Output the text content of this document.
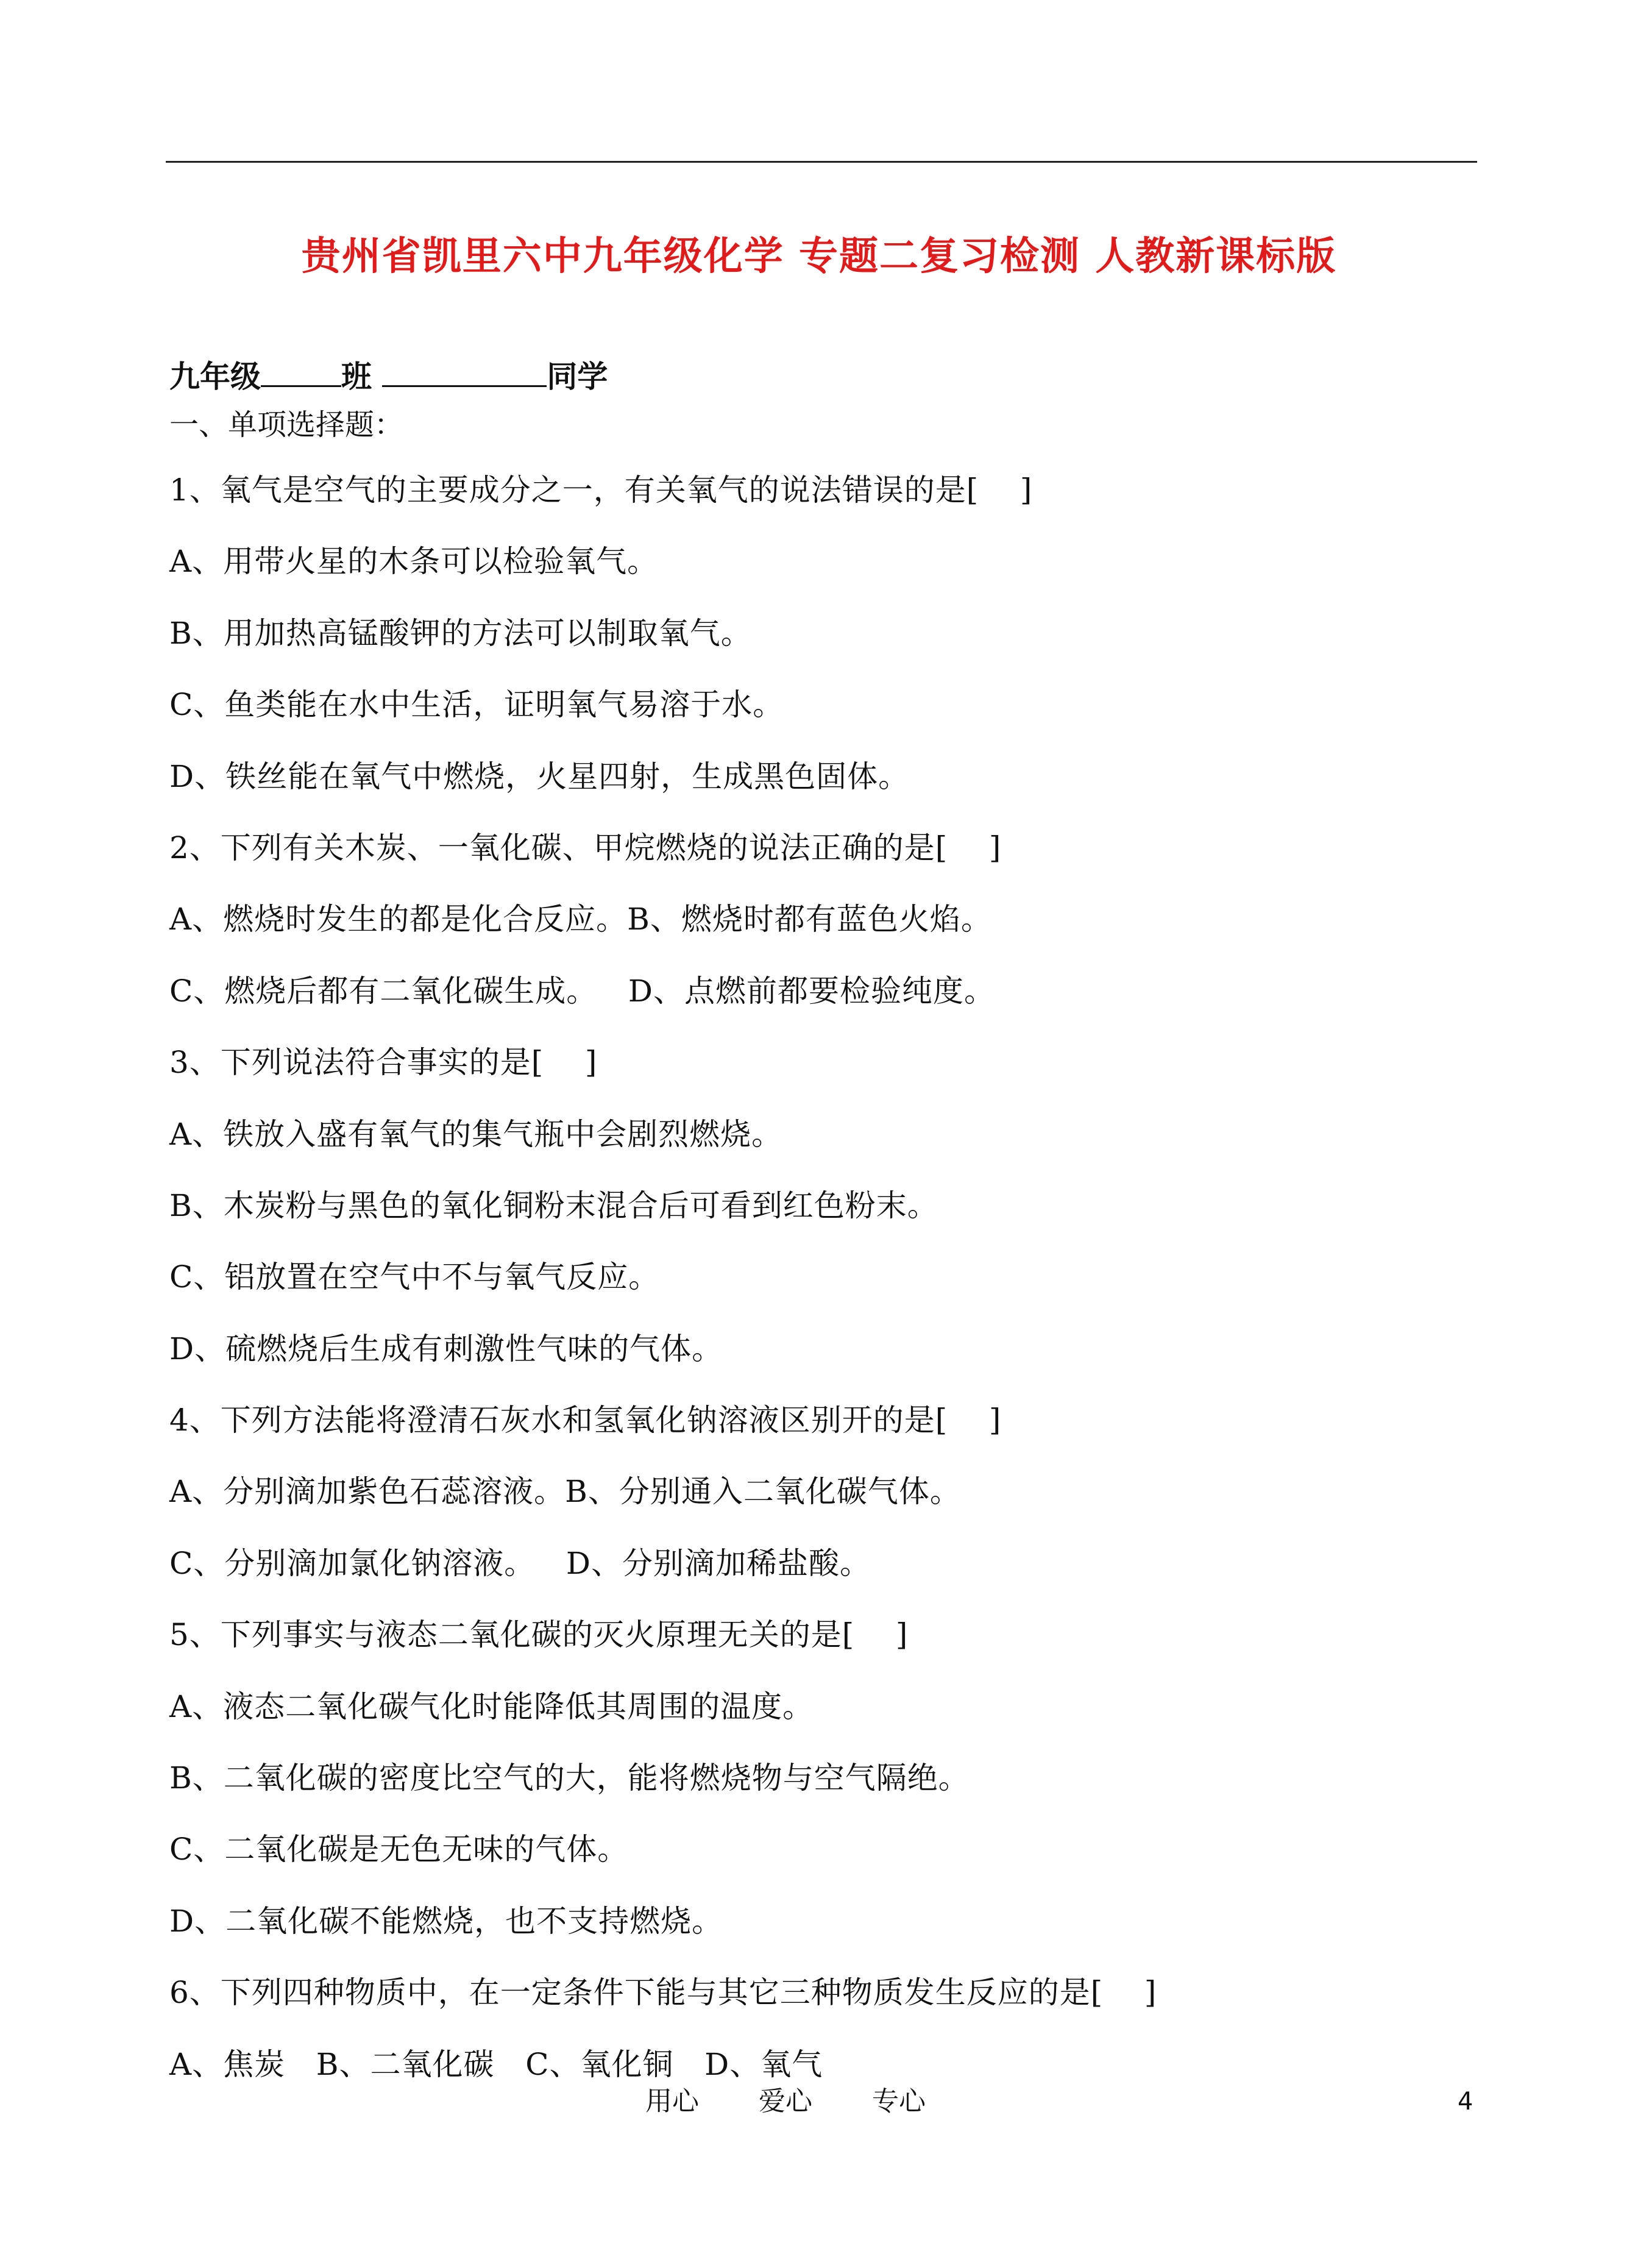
贵州省凯里六中九年级化学 专题二复习检测 人教新课标版
九年级	班	同学
一、单项选择题：
1、氧气是空气的主要成分之一，有关氧气的说法错误的是[    ]
A、用带火星的木条可以检验氧气。
B、用加热高锰酸钾的方法可以制取氧气。
C、鱼类能在水中生活，证明氧气易溶于水。
D、铁丝能在氧气中燃烧，火星四射，生成黑色固体。
2、下列有关木炭、一氧化碳、甲烷燃烧的说法正确的是[    ]
A、燃烧时发生的都是化合反应。B、燃烧时都有蓝色火焰。
C、燃烧后都有二氧化碳生成。   D、点燃前都要检验纯度。
3、下列说法符合事实的是[    ]
A、铁放入盛有氧气的集气瓶中会剧烈燃烧。
B、木炭粉与黑色的氧化铜粉末混合后可看到红色粉末。
C、铝放置在空气中不与氧气反应。
D、硫燃烧后生成有刺激性气味的气体。
4、下列方法能将澄清石灰水和氢氧化钠溶液区别开的是[    ]
A、分别滴加紫色石蕊溶液。B、分别通入二氧化碳气体。
C、分别滴加氯化钠溶液。   D、分别滴加稀盐酸。
5、下列事实与液态二氧化碳的灭火原理无关的是[    ]
A、液态二氧化碳气化时能降低其周围的温度。
B、二氧化碳的密度比空气的大，能将燃烧物与空气隔绝。
C、二氧化碳是无色无味的气体。
D、二氧化碳不能燃烧，也不支持燃烧。
6、下列四种物质中，在一定条件下能与其它三种物质发生反应的是[    ]
A、焦炭   B、二氧化碳   C、氧化铜   D、氧气
用心 爱心 专心	4
